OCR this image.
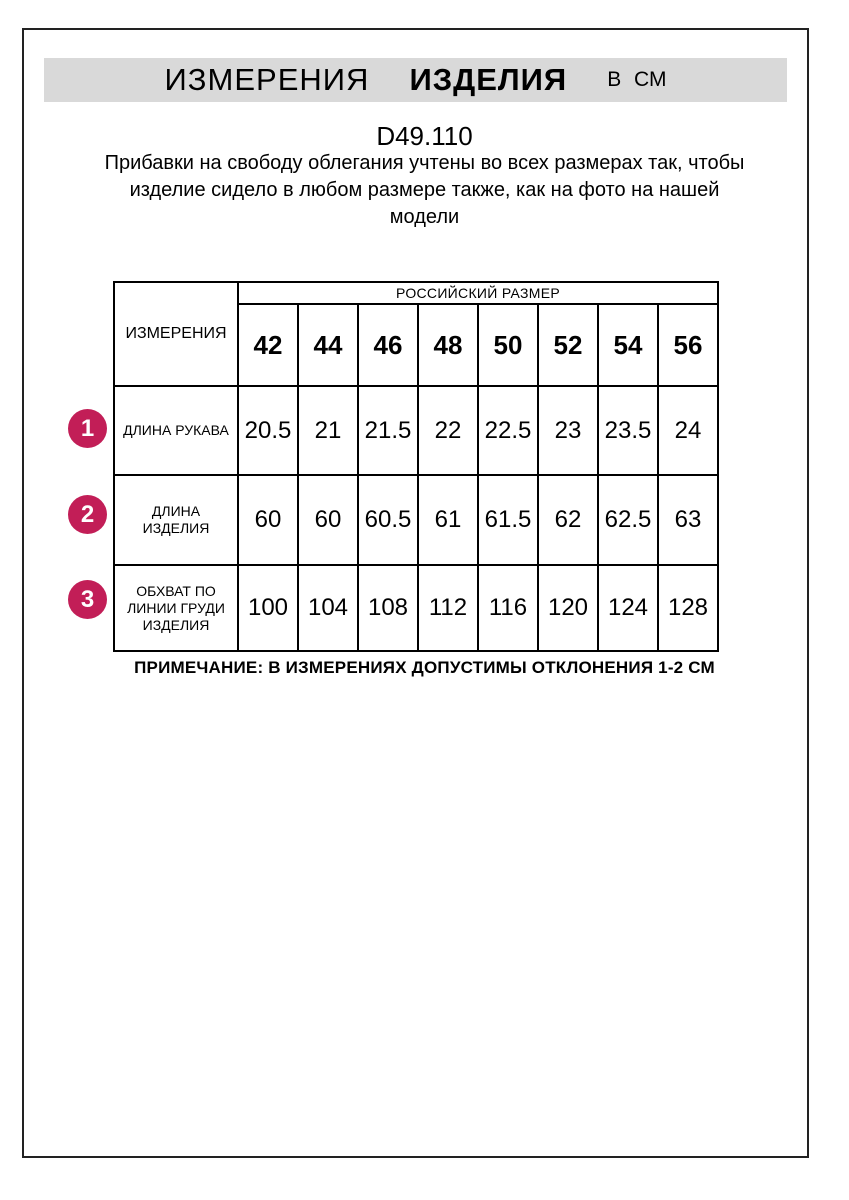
ИЗМЕРЕНИЯ ИЗДЕЛИЯ В СМ
D49.110
Прибавки на свободу облегания учтены во всех размерах так, чтобы
изделие сидело в любом размере также, как на фото на нашей
модели
ИЗМЕРЕНИЯ	РОССИЙСКИЙ РАЗМЕР							
	42	44	46	48	50	52	54	56

ДЛИНА РУКАВА	20.5	21	21.5	22	22.5	23	23.5	24

ДЛИНА
ИЗДЕЛИЯ	60	60	60.5	61	61.5	62	62.5	63

ОБХВАТ ПО
ЛИНИИ ГРУДИ
ИЗДЕЛИЯ	100	104	108	112	116	120	124	128
1
2
3
ПРИМЕЧАНИЕ: В ИЗМЕРЕНИЯХ ДОПУСТИМЫ ОТКЛОНЕНИЯ 1-2 СМ
